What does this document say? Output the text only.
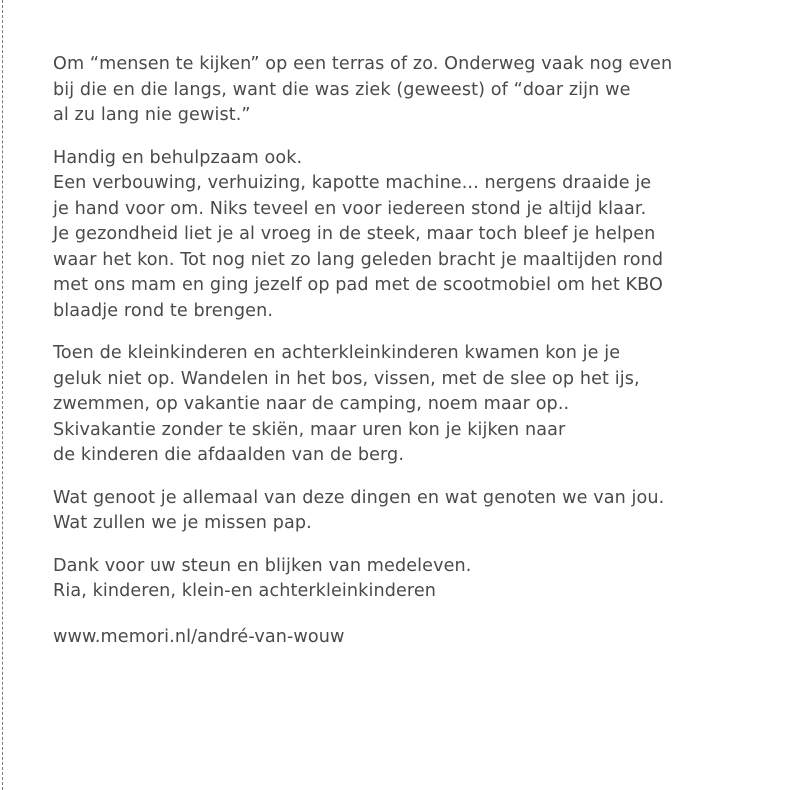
Om “mensen te kijken” op een terras of zo. Onderweg vaak nog even
bij die en die langs, want die was ziek (geweest) of “doar zijn we
al zu lang nie gewist.”

Handig en behulpzaam ook.
Een verbouwing, verhuizing, kapotte machine... nergens draaide je
je hand voor om. Niks teveel en voor iedereen stond je altijd klaar.
Je gezondheid liet je al vroeg in de steek, maar toch bleef je helpen
waar het kon. Tot nog niet zo lang geleden bracht je maaltijden rond
met ons mam en ging jezelf op pad met de scootmobiel om het KBO
blaadje rond te brengen.

Toen de kleinkinderen en achterkleinkinderen kwamen kon je je
geluk niet op. Wandelen in het bos, vissen, met de slee op het ijs,
zwemmen, op vakantie naar de camping, noem maar op..
Skivakantie zonder te skiën, maar uren kon je kijken naar
de kinderen die afdaalden van de berg.

Wat genoot je allemaal van deze dingen en wat genoten we van jou.
Wat zullen we je missen pap.

Dank voor uw steun en blijken van medeleven.
Ria, kinderen, klein-en achterkleinkinderen

www.memori.nl/andré-van-wouw
